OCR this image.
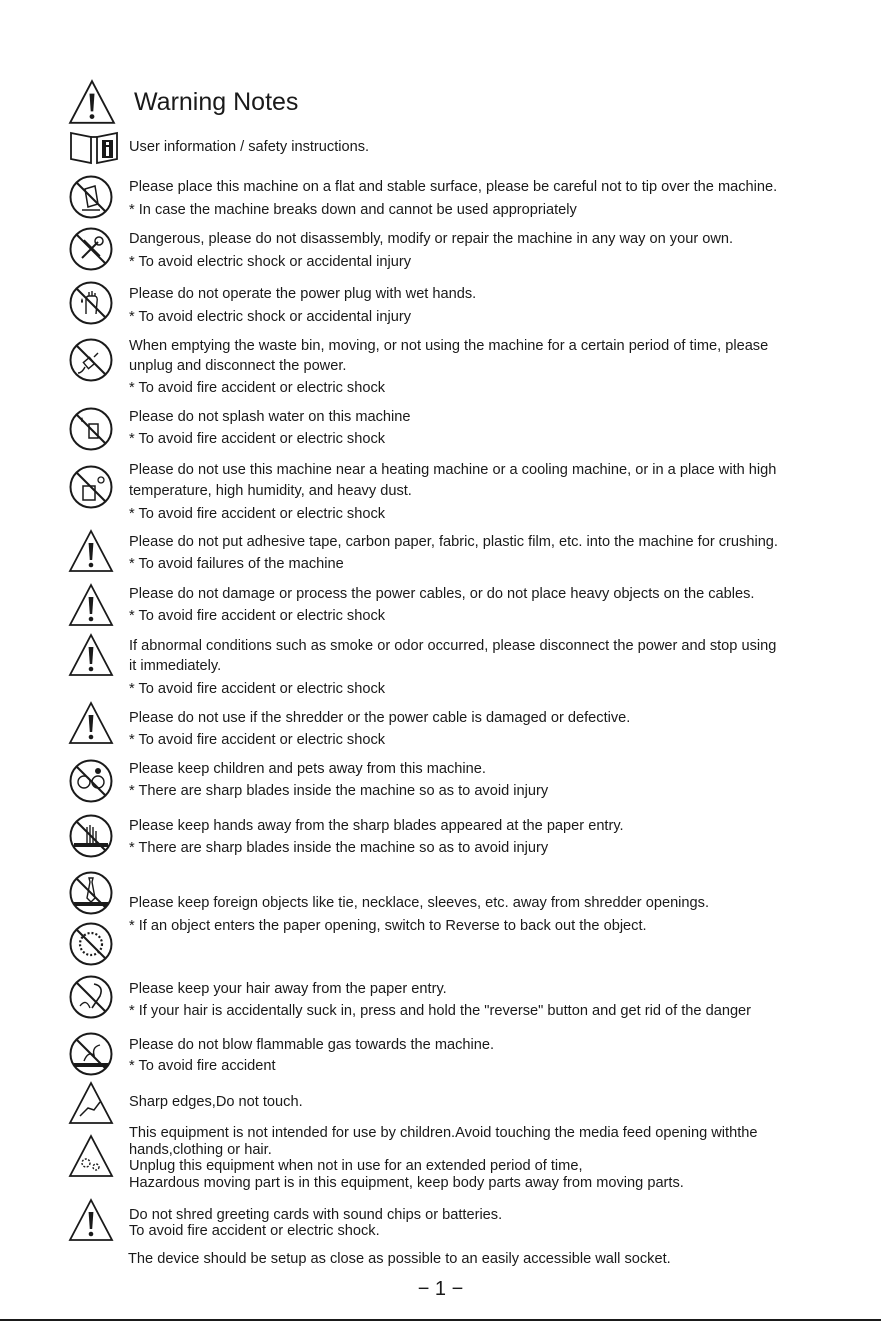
Warning Notes
User information / safety instructions.
Please place this machine on a flat and stable surface, please be careful not to tip over the machine.
* In case the machine breaks down and cannot be used appropriately
Dangerous, please do not disassembly, modify or repair the machine in any way on your own.
* To avoid electric shock or accidental injury
Please do not operate the power plug with wet hands.
* To avoid electric shock or accidental injury
When emptying the waste bin, moving, or not using the machine for a certain period of time, please
unplug and disconnect the power.
* To avoid fire accident or electric shock
Please do not splash water on this machine
* To avoid fire accident or electric shock
Please do not use this machine near a heating machine or a cooling machine, or in a place with high
temperature, high humidity, and heavy dust.
* To avoid fire accident or electric shock
Please do not put adhesive tape, carbon paper, fabric, plastic film, etc. into the machine for crushing.
* To avoid failures of the machine
Please do not damage or process the power cables, or do not place heavy objects on the cables.
* To avoid fire accident or electric shock
If abnormal conditions such as smoke or odor occurred, please disconnect the power and stop using
it immediately.
* To avoid fire accident or electric shock
Please do not use if the shredder or the power cable is damaged or defective.
* To avoid fire accident or electric shock
Please keep children and pets away from this machine.
* There are sharp blades inside the machine so as to avoid injury
Please keep hands away from the sharp blades appeared at the paper entry.
* There are sharp blades inside the machine so as to avoid injury
Please keep foreign objects like tie, necklace, sleeves, etc. away from shredder openings.
* If an object enters the paper opening, switch to Reverse to back out the object.
Please keep your hair away from the paper entry.
* If your hair is accidentally suck in, press and hold the "reverse" button and get rid of the danger
Please do not blow flammable gas towards the machine.
* To avoid fire accident
Sharp edges,Do not touch.
This equipment is not intended for use by children.Avoid touching the media feed opening withthe
hands,clothing or hair.
Unplug this equipment when not in use for an extended period of time,
Hazardous moving part is in this equipment, keep body parts away from moving parts.
Do not shred greeting cards with sound chips or batteries.
To avoid fire accident or electric shock.
The device should be setup as close as possible to an easily accessible wall socket.
− 1 −
